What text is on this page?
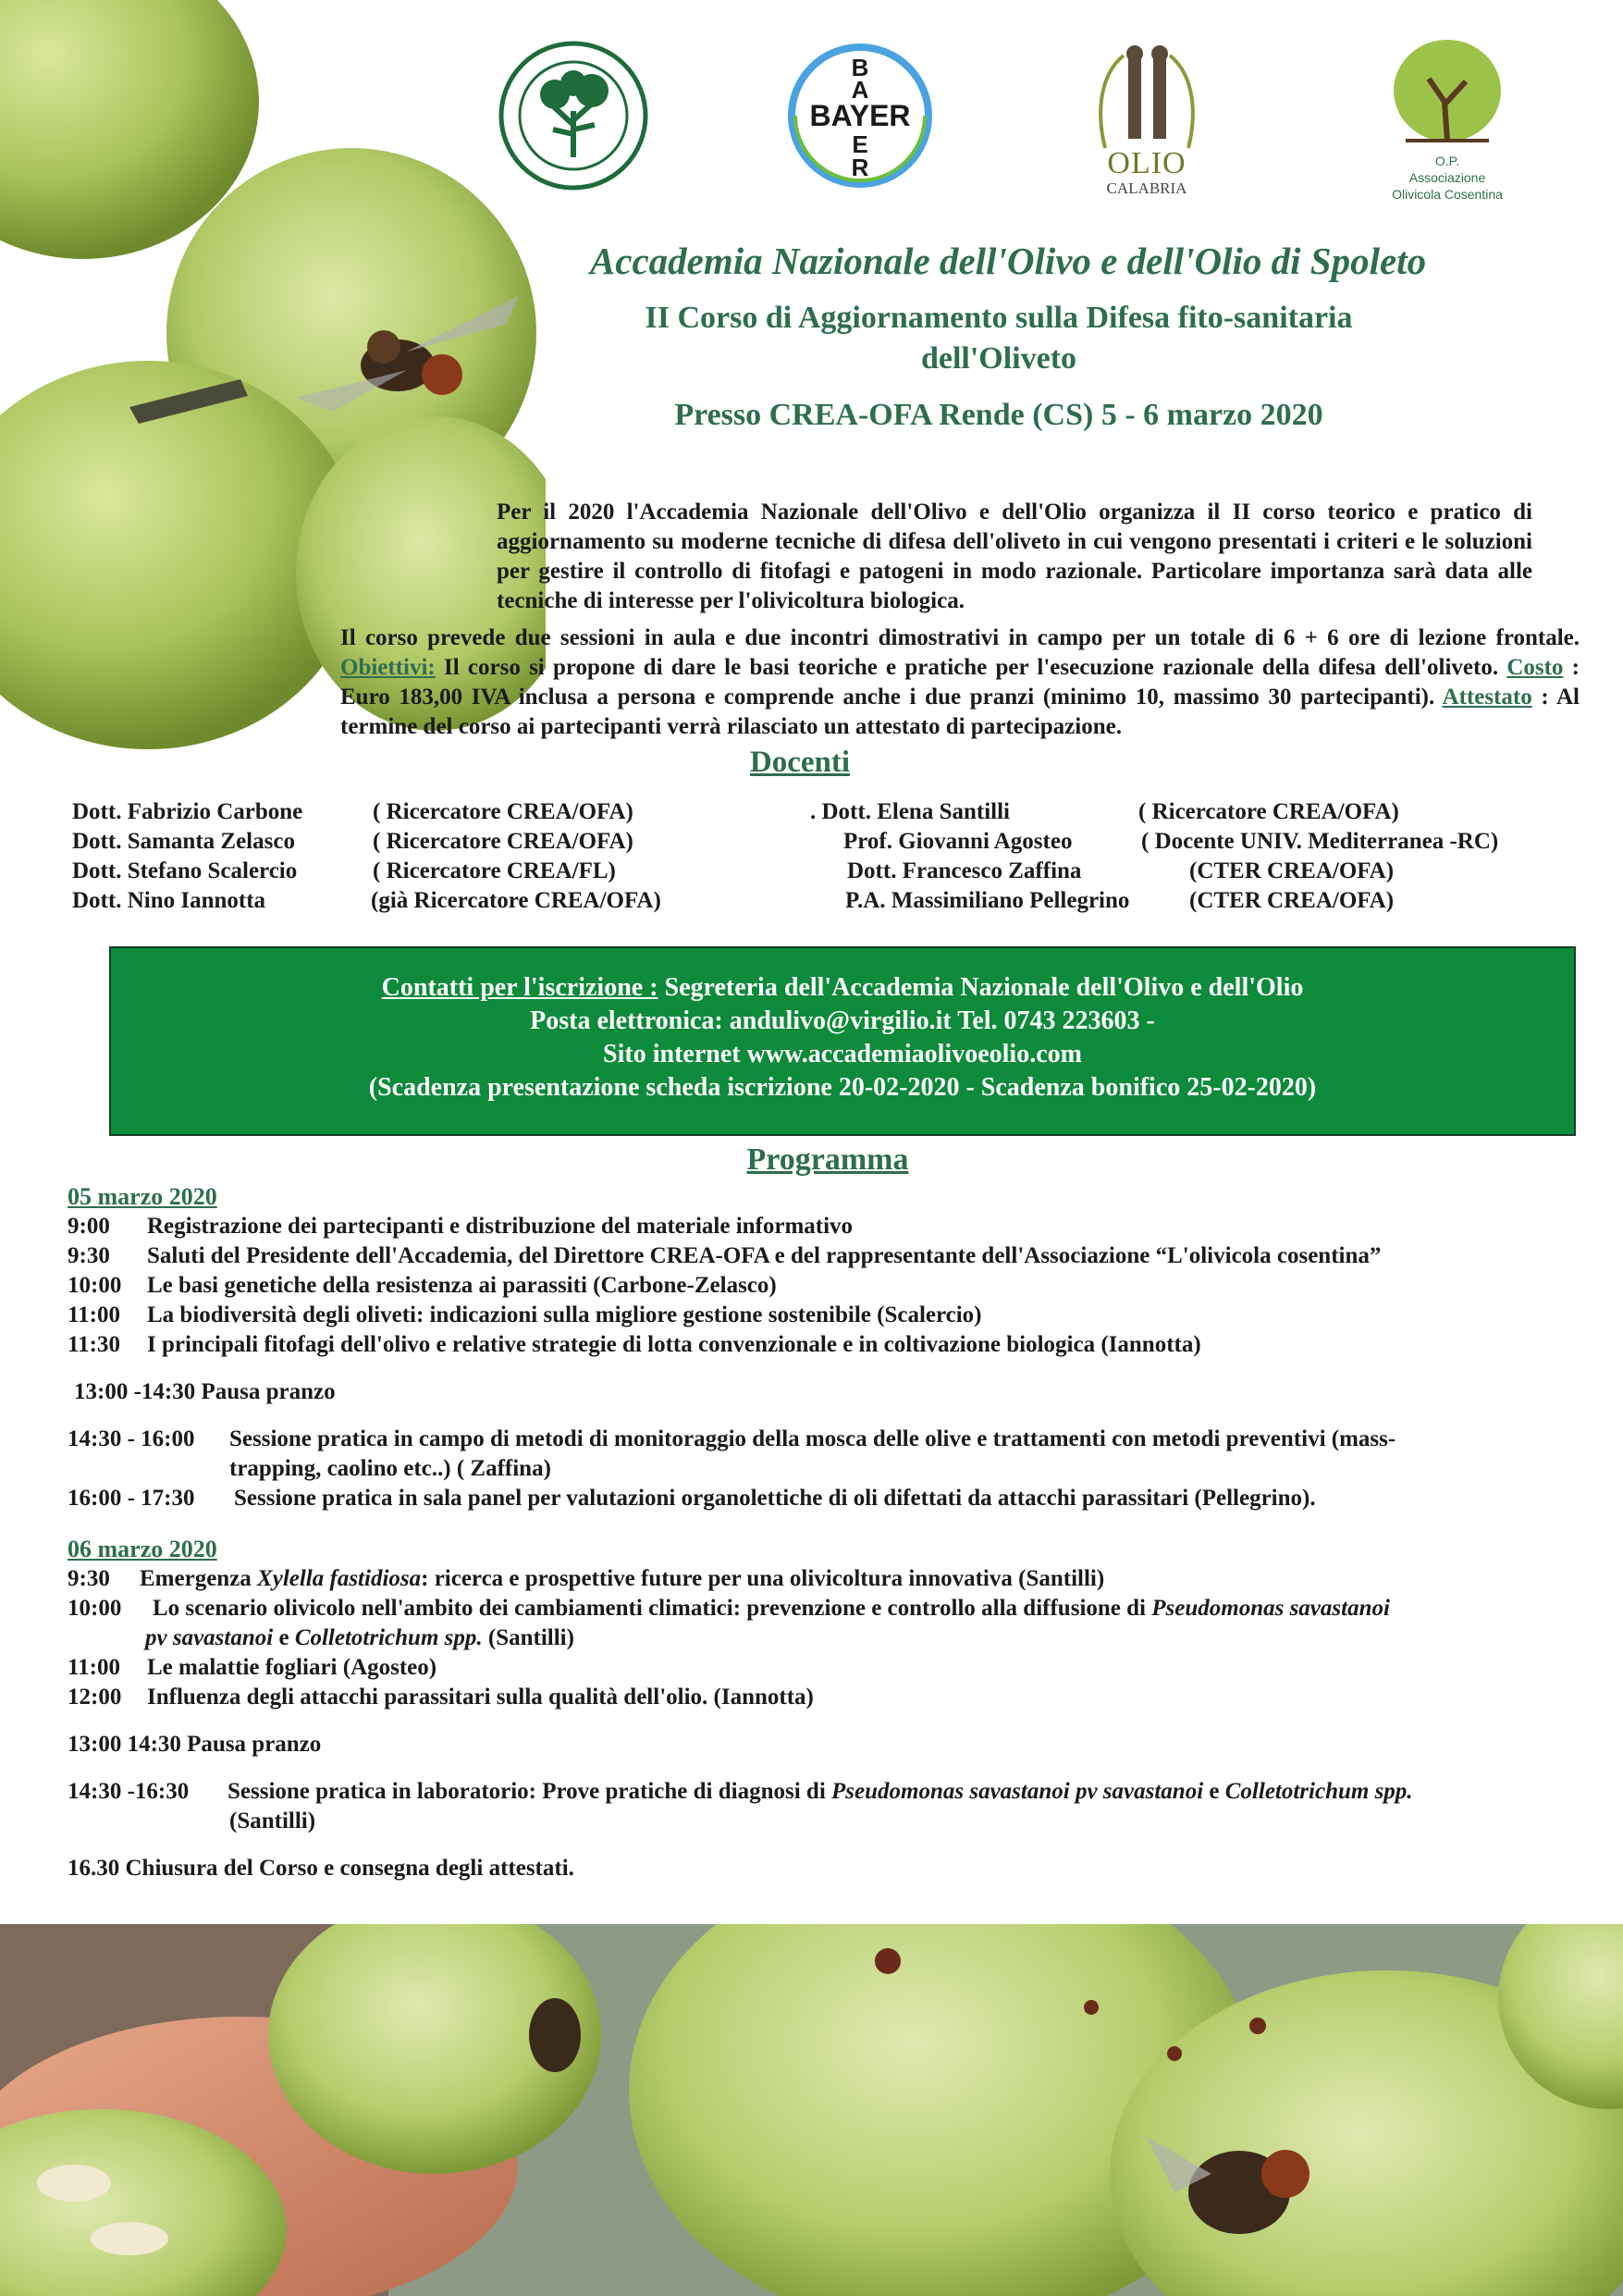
BAYER
B
A
E
R	OLIO
CALABRIA
O.P.
Associazione
Olivicola Cosentina
Accademia Nazionale dell'Olivo e dell'Olio di Spoleto
II Corso di Aggiornamento sulla Difesa fito-sanitaria
dell'Oliveto
Presso CREA-OFA Rende (CS) 5 - 6 marzo 2020
Per il 2020 l'Accademia Nazionale dell'Olivo e dell'Olio organizza il II corso teorico e pratico di aggiornamento su moderne tecniche di difesa dell'oliveto in cui vengono presentati i criteri e le soluzioni per gestire il controllo di fitofagi e patogeni in modo razionale. Particolare importanza sarà data alle tecniche di interesse per l'olivicoltura biologica.
Il corso prevede due sessioni in aula e due incontri dimostrativi in campo per un totale di 6 + 6 ore di lezione frontale. Obiettivi: Il corso si propone di dare le basi teoriche e pratiche per l'esecuzione razionale della difesa dell'oliveto. Costo : Euro 183,00 IVA inclusa a persona e comprende anche i due pranzi (minimo 10, massimo 30 partecipanti). Attestato : Al termine del corso ai partecipanti verrà rilasciato un attestato di partecipazione.
Docenti
Dott. Fabrizio Carbone	( Ricercatore CREA/OFA)
Dott. Samanta Zelasco	( Ricercatore CREA/OFA)
Dott. Stefano Scalercio	( Ricercatore CREA/FL)
Dott. Nino Iannotta	(già Ricercatore CREA/OFA)
. Dott. Elena Santilli	( Ricercatore CREA/OFA)
Prof. Giovanni Agosteo	( Docente UNIV. Mediterranea -RC)
Dott. Francesco Zaffina	(CTER CREA/OFA)
P.A. Massimiliano Pellegrino	(CTER CREA/OFA)
Contatti per l'iscrizione : Segreteria dell'Accademia Nazionale dell'Olivo e dell'Olio
Posta elettronica: andulivo@virgilio.it Tel. 0743 223603 -
Sito internet www.accademiaolivoeolio.com
(Scadenza presentazione scheda iscrizione 20-02-2020 - Scadenza bonifico 25-02-2020)
Programma
05 marzo 2020
9:00 Registrazione dei partecipanti e distribuzione del materiale informativo
9:30 Saluti del Presidente dell'Accademia, del Direttore CREA-OFA e del rappresentante dell'Associazione “L'olivicola cosentina”
10:00 Le basi genetiche della resistenza ai parassiti (Carbone-Zelasco)
11:00 La biodiversità degli oliveti: indicazioni sulla migliore gestione sostenibile (Scalercio)
11:30 I principali fitofagi dell'olivo e relative strategie di lotta convenzionale e in coltivazione biologica (Iannotta)
13:00 -14:30 Pausa pranzo
14:30 - 16:00 Sessione pratica in campo di metodi di monitoraggio della mosca delle olive e trattamenti con metodi preventivi (mass-
trapping, caolino etc..) ( Zaffina)
16:00 - 17:30 Sessione pratica in sala panel per valutazioni organolettiche di oli difettati da attacchi parassitari (Pellegrino).
06 marzo 2020
9:30 Emergenza Xylella fastidiosa: ricerca e prospettive future per una olivicoltura innovativa (Santilli)
10:00 Lo scenario olivicolo nell'ambito dei cambiamenti climatici: prevenzione e controllo alla diffusione di Pseudomonas savastanoi
pv savastanoi e Colletotrichum spp. (Santilli)
11:00 Le malattie fogliari (Agosteo)
12:00 Influenza degli attacchi parassitari sulla qualità dell'olio. (Iannotta)
13:00 14:30 Pausa pranzo
14:30 -16:30 Sessione pratica in laboratorio: Prove pratiche di diagnosi di Pseudomonas savastanoi pv savastanoi e Colletotrichum spp.
(Santilli)
16.30 Chiusura del Corso e consegna degli attestati.
